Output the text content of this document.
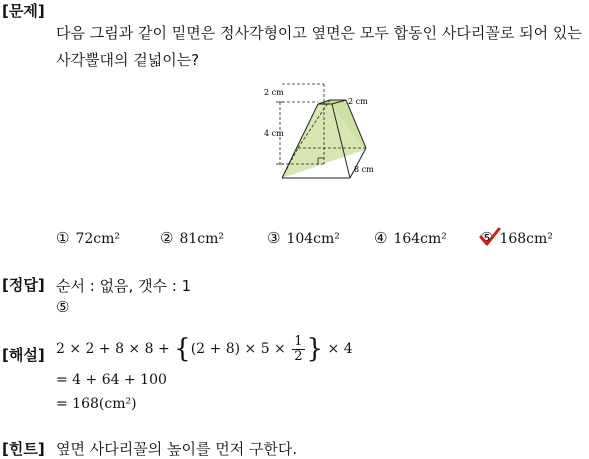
[문제]
다음 그림과 같이 밑면은 정사각형이고 옆면은 모두 합동인 사다리꼴로 되어 있는
사각뿔대의 겉넓이는?
2 cm
2 cm
4 cm
8 cm
① 72cm²	② 81cm²	③ 104cm² ④ 164cm² ⑤ 168cm²
[정답] 순서 : 없음, 갯수 : 1
⑤
[해설] $2 \times 2 + 8 \times 8 + \{(2 + 8) \times 5 \times \frac{1}{2}$ } × 4
= 4 + 64 + 100
= 168(cm²)
[힌트] 옆면 사다리꼴의 높이를 먼저 구한다.
